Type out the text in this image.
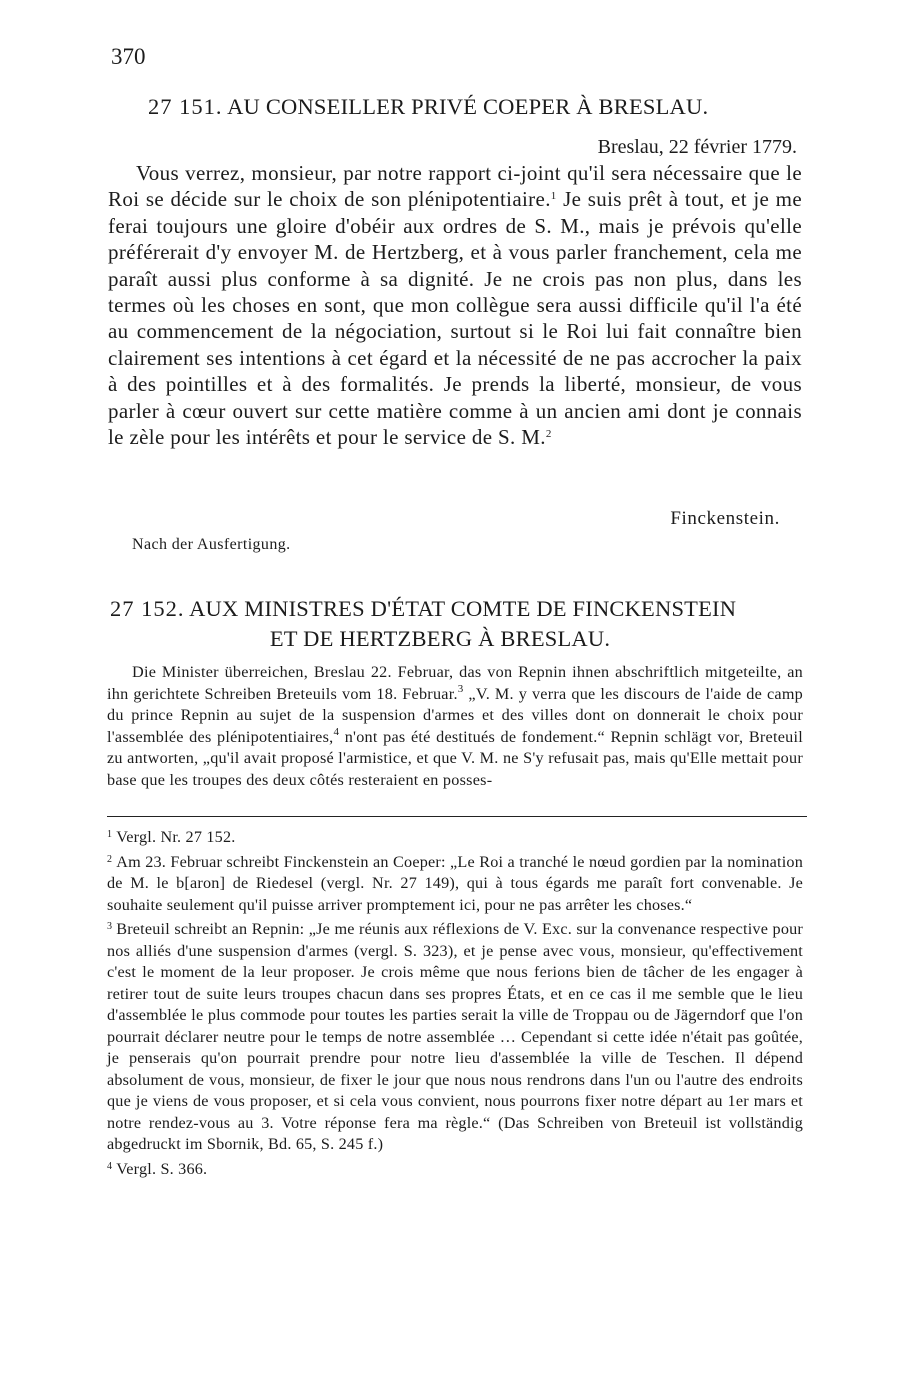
370
27 151. AU CONSEILLER PRIVÉ COEPER À BRESLAU.
Breslau, 22 février 1779.

Vous verrez, monsieur, par notre rapport ci-joint qu'il sera nécessaire que le Roi se décide sur le choix de son plénipotentiaire.$^1$ Je suis prêt à tout, et je me ferai toujours une gloire d'obéir aux ordres de S. M., mais je prévois qu'elle préférerait d'y envoyer M. de Hertzberg, et à vous parler franchement, cela me paraît aussi plus conforme à sa dignité. Je ne crois pas non plus, dans les termes où les choses en sont, que mon collègue sera aussi difficile qu'il l'a été au commencement de la négociation, surtout si le Roi lui fait connaître bien clairement ses intentions à cet égard et la nécessité de ne pas accrocher la paix à des pointilles et à des formalités. Je prends la liberté, monsieur, de vous parler à cœur ouvert sur cette matière comme à un ancien ami dont je connais le zèle pour les intérêts et pour le service de S. M.$^2$

Finckenstein.
Nach der Ausfertigung.
27 152. AUX MINISTRES D'ÉTAT COMTE DE FINCKENSTEIN
ET DE HERTZBERG À BRESLAU.

Die Minister überreichen, Breslau 22. Februar, das von Repnin ihnen abschriftlich mitgeteilte, an ihn gerichtete Schreiben Breteuils vom 18. Februar.$^3$ „V. M. y verra que les discours de l'aide de camp du prince Repnin au sujet de la suspension d'armes et des villes dont on donnerait le choix pour l'assemblée des plénipotentiaires,$^4$ n'ont pas été destitués de fondement.“ Repnin schlägt vor, Breteuil zu antworten, „qu'il avait proposé l'armistice, et que V. M. ne S'y refusait pas, mais qu'Elle mettait pour base que les troupes des deux côtés resteraient en posses-

$^1$ Vergl. Nr. 27 152.

$^2$ Am 23. Februar schreibt Finckenstein an Coeper: „Le Roi a tranché le nœud gordien par la nomination de M. le b[aron] de Riedesel (vergl. Nr. 27 149), qui à tous égards me paraît fort convenable. Je souhaite seulement qu'il puisse arriver promptement ici, pour ne pas arrêter les choses.“

$^3$ Breteuil schreibt an Repnin: „Je me réunis aux réflexions de V. Exc. sur la convenance respective pour nos alliés d'une suspension d'armes (vergl. S. 323), et je pense avec vous, monsieur, qu'effectivement c'est le moment de la leur proposer. Je crois même que nous ferions bien de tâcher de les engager à retirer tout de suite leurs troupes chacun dans ses propres États, et en ce cas il me semble que le lieu d'assemblée le plus commode pour toutes les parties serait la ville de Troppau ou de Jägerndorf que l'on pourrait déclarer neutre pour le temps de notre assemblée … Cependant si cette idée n'était pas goûtée, je penserais qu'on pourrait prendre pour notre lieu d'assemblée la ville de Teschen. Il dépend absolument de vous, monsieur, de fixer le jour que nous nous rendrons dans l'un ou l'autre des endroits que je viens de vous proposer, et si cela vous convient, nous pourrons fixer notre départ au 1er mars et notre rendez-vous au 3. Votre réponse fera ma règle.“ (Das Schreiben von Breteuil ist vollständig abgedruckt im Sbornik, Bd. 65, S. 245 f.)

$^4$ Vergl. S. 366.
